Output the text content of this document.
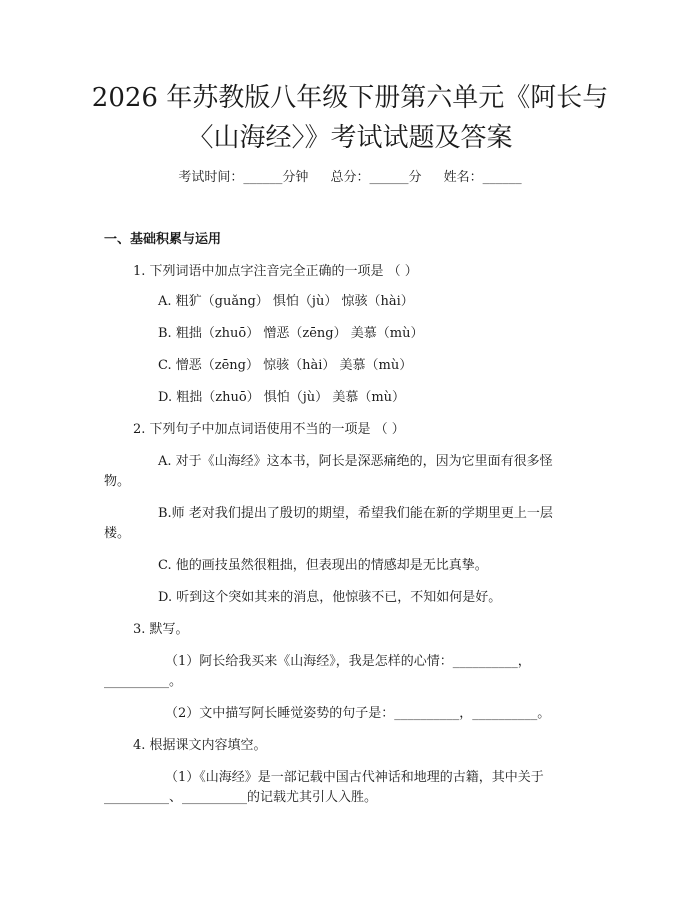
2026 年苏教版八年级下册第六单元《阿长与
〈山海经〉》考试试题及答案
考试时间：______分钟 总分：______分 姓名：______
一、基础积累与运用
1. 下列词语中加点字注音完全正确的一项是 （ ）
A. 粗犷（guǎng） 惧怕（jù） 惊骇（hài）
B. 粗拙（zhuō） 憎恶（zēng） 美慕（mù）
C. 憎恶（zēng） 惊骇（hài） 美慕（mù）
D. 粗拙（zhuō） 惧怕（jù） 美慕（mù）
2. 下列句子中加点词语使用不当的一项是 （ ）
A. 对于《山海经》这本书，阿长是深恶痛绝的，因为它里面有很多怪
物。
B.师 老对我们提出了殷切的期望，希望我们能在新的学期里更上一层
楼。
C. 他的画技虽然很粗拙，但表现出的情感却是无比真挚。
D. 听到这个突如其来的消息，他惊骇不已，不知如何是好。
3. 默写。
（1）阿长给我买来《山海经》，我是怎样的心情：__________，
__________。
（2）文中描写阿长睡觉姿势的句子是：__________，__________。
4. 根据课文内容填空。
（1）《山海经》是一部记载中国古代神话和地理的古籍，其中关于
__________、__________的记载尤其引人入胜。
